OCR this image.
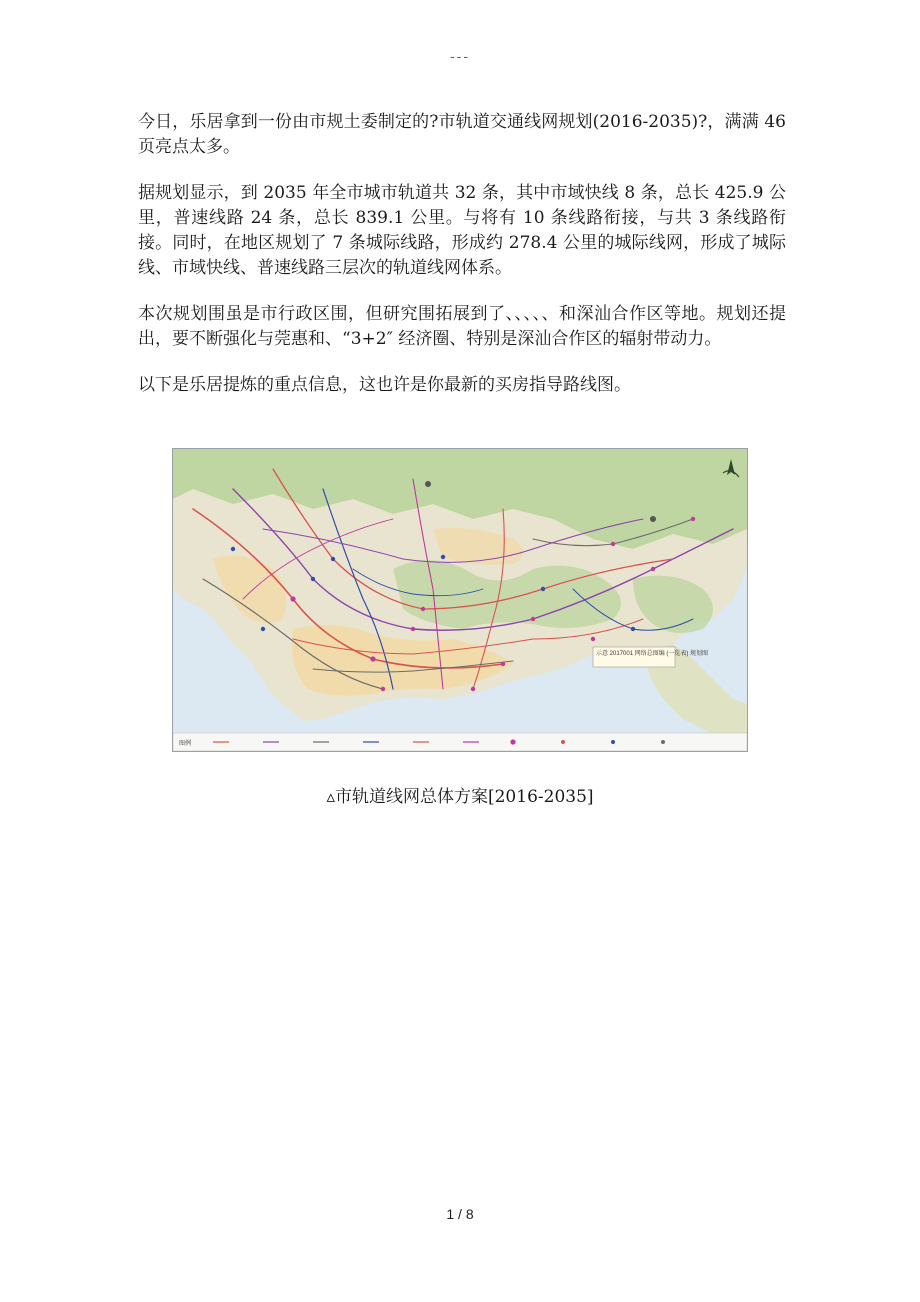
---

今日，乐居拿到一份由市规土委制定的?市轨道交通线网规划(2016-2035)?，满满 46 页亮点太多。

据规划显示，到 2035 年全市城市轨道共 32 条，其中市域快线 8 条，总长 425.9 公里，普速线路 24 条，总长 839.1 公里。与将有 10 条线路衔接，与共 3 条线路衔接。同时，在地区规划了 7 条城际线路，形成约 278.4 公里的城际线网，形成了城际线、市域快线、普速线路三层次的轨道线网体系。

本次规划围虽是市行政区围，但研究围拓展到了、、、、、和深汕合作区等地。规划还提出，要不断强化与莞惠和、“3+2″ 经济圈、特别是深汕合作区的辐射带动力。

以下是乐居提炼的重点信息，这也许是你最新的买房指导路线图。

示意 2017001 网络总图编 (一览表) 规划图
图例
▵市轨道线网总体方案[2016-2035]
1 / 8
